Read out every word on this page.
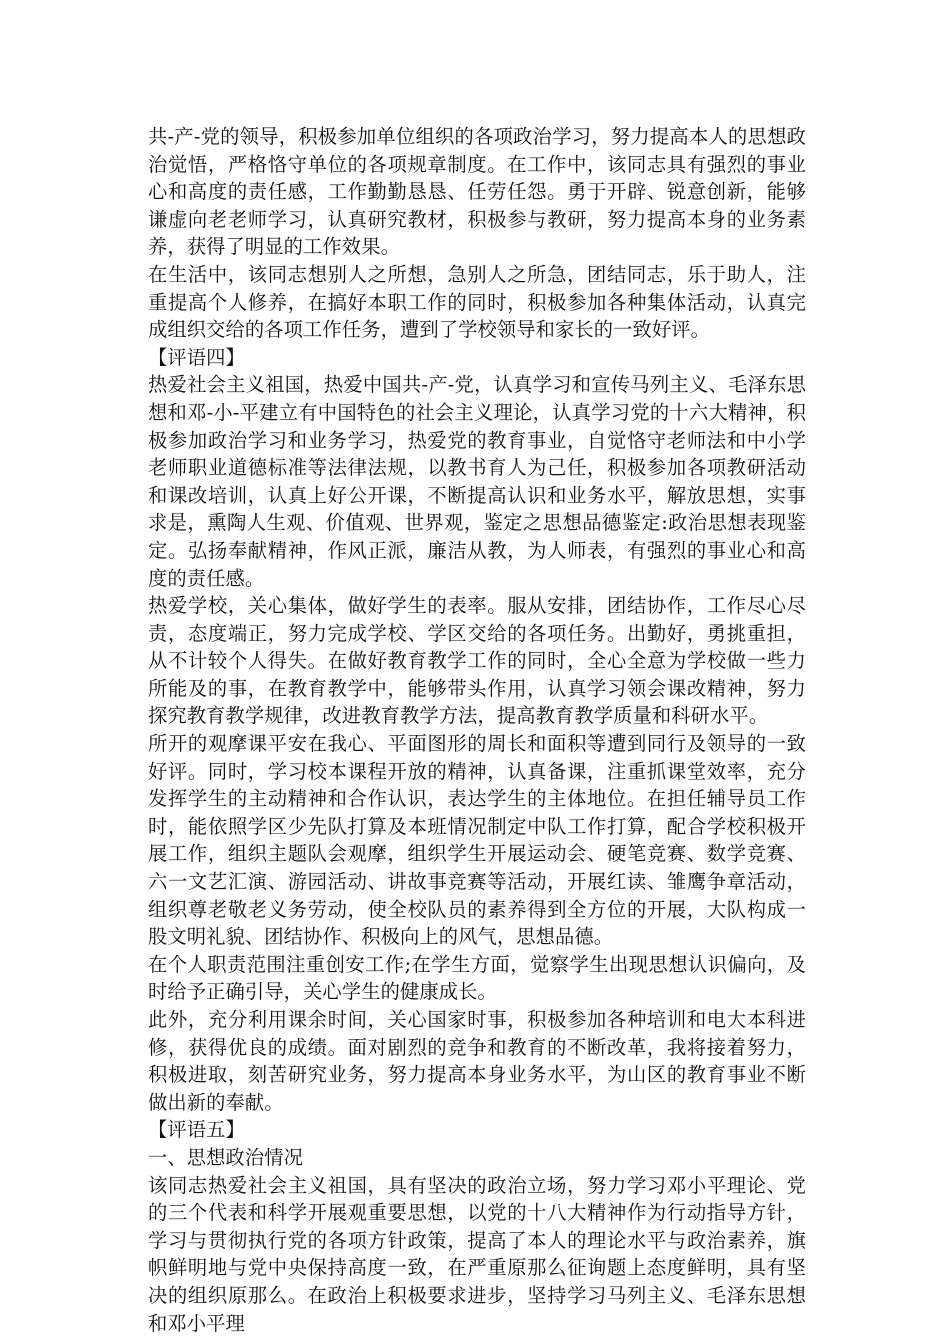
共-产-党的领导，积极参加单位组织的各项政治学习，努力提高本人的思想政治觉悟，严格恪守单位的各项规章制度。在工作中，该同志具有强烈的事业心和高度的责任感，工作勤勤恳恳、任劳任怨。勇于开辟、锐意创新，能够谦虚向老老师学习，认真研究教材，积极参与教研，努力提高本身的业务素养，获得了明显的工作效果。

在生活中，该同志想别人之所想，急别人之所急，团结同志，乐于助人，注重提高个人修养，在搞好本职工作的同时，积极参加各种集体活动，认真完成组织交给的各项工作任务，遭到了学校领导和家长的一致好评。

【评语四】

热爱社会主义祖国，热爱中国共-产-党，认真学习和宣传马列主义、毛泽东思想和邓-小-平建立有中国特色的社会主义理论，认真学习党的十六大精神，积极参加政治学习和业务学习，热爱党的教育事业，自觉恪守老师法和中小学老师职业道德标准等法律法规，以教书育人为己任，积极参加各项教研活动和课改培训，认真上好公开课，不断提高认识和业务水平，解放思想，实事求是，熏陶人生观、价值观、世界观，鉴定之思想品德鉴定:政治思想表现鉴定。弘扬奉献精神，作风正派，廉洁从教，为人师表，有强烈的事业心和高度的责任感。

热爱学校，关心集体，做好学生的表率。服从安排，团结协作，工作尽心尽责，态度端正，努力完成学校、学区交给的各项任务。出勤好，勇挑重担，从不计较个人得失。在做好教育教学工作的同时，全心全意为学校做一些力所能及的事，在教育教学中，能够带头作用，认真学习领会课改精神，努力探究教育教学规律，改进教育教学方法，提高教育教学质量和科研水平。

所开的观摩课平安在我心、平面图形的周长和面积等遭到同行及领导的一致好评。同时，学习校本课程开放的精神，认真备课，注重抓课堂效率，充分发挥学生的主动精神和合作认识，表达学生的主体地位。在担任辅导员工作时，能依照学区少先队打算及本班情况制定中队工作打算，配合学校积极开展工作，组织主题队会观摩，组织学生开展运动会、硬笔竞赛、数学竞赛、六一文艺汇演、游园活动、讲故事竞赛等活动，开展红读、雏鹰争章活动，组织尊老敬老义务劳动，使全校队员的素养得到全方位的开展，大队构成一股文明礼貌、团结协作、积极向上的风气，思想品德。

在个人职责范围注重创安工作;在学生方面，觉察学生出现思想认识偏向，及时给予正确引导，关心学生的健康成长。

此外，充分利用课余时间，关心国家时事，积极参加各种培训和电大本科进修，获得优良的成绩。面对剧烈的竞争和教育的不断改革，我将接着努力，积极进取，刻苦研究业务，努力提高本身业务水平，为山区的教育事业不断做出新的奉献。

【评语五】

一、思想政治情况

该同志热爱社会主义祖国，具有坚决的政治立场，努力学习邓小平理论、党的三个代表和科学开展观重要思想，以党的十八大精神作为行动指导方针，学习与贯彻执行党的各项方针政策，提高了本人的理论水平与政治素养，旗帜鲜明地与党中央保持高度一致，在严重原那么征询题上态度鲜明，具有坚决的组织原那么。在政治上积极要求进步，坚持学习马列主义、毛泽东思想和邓小平理
